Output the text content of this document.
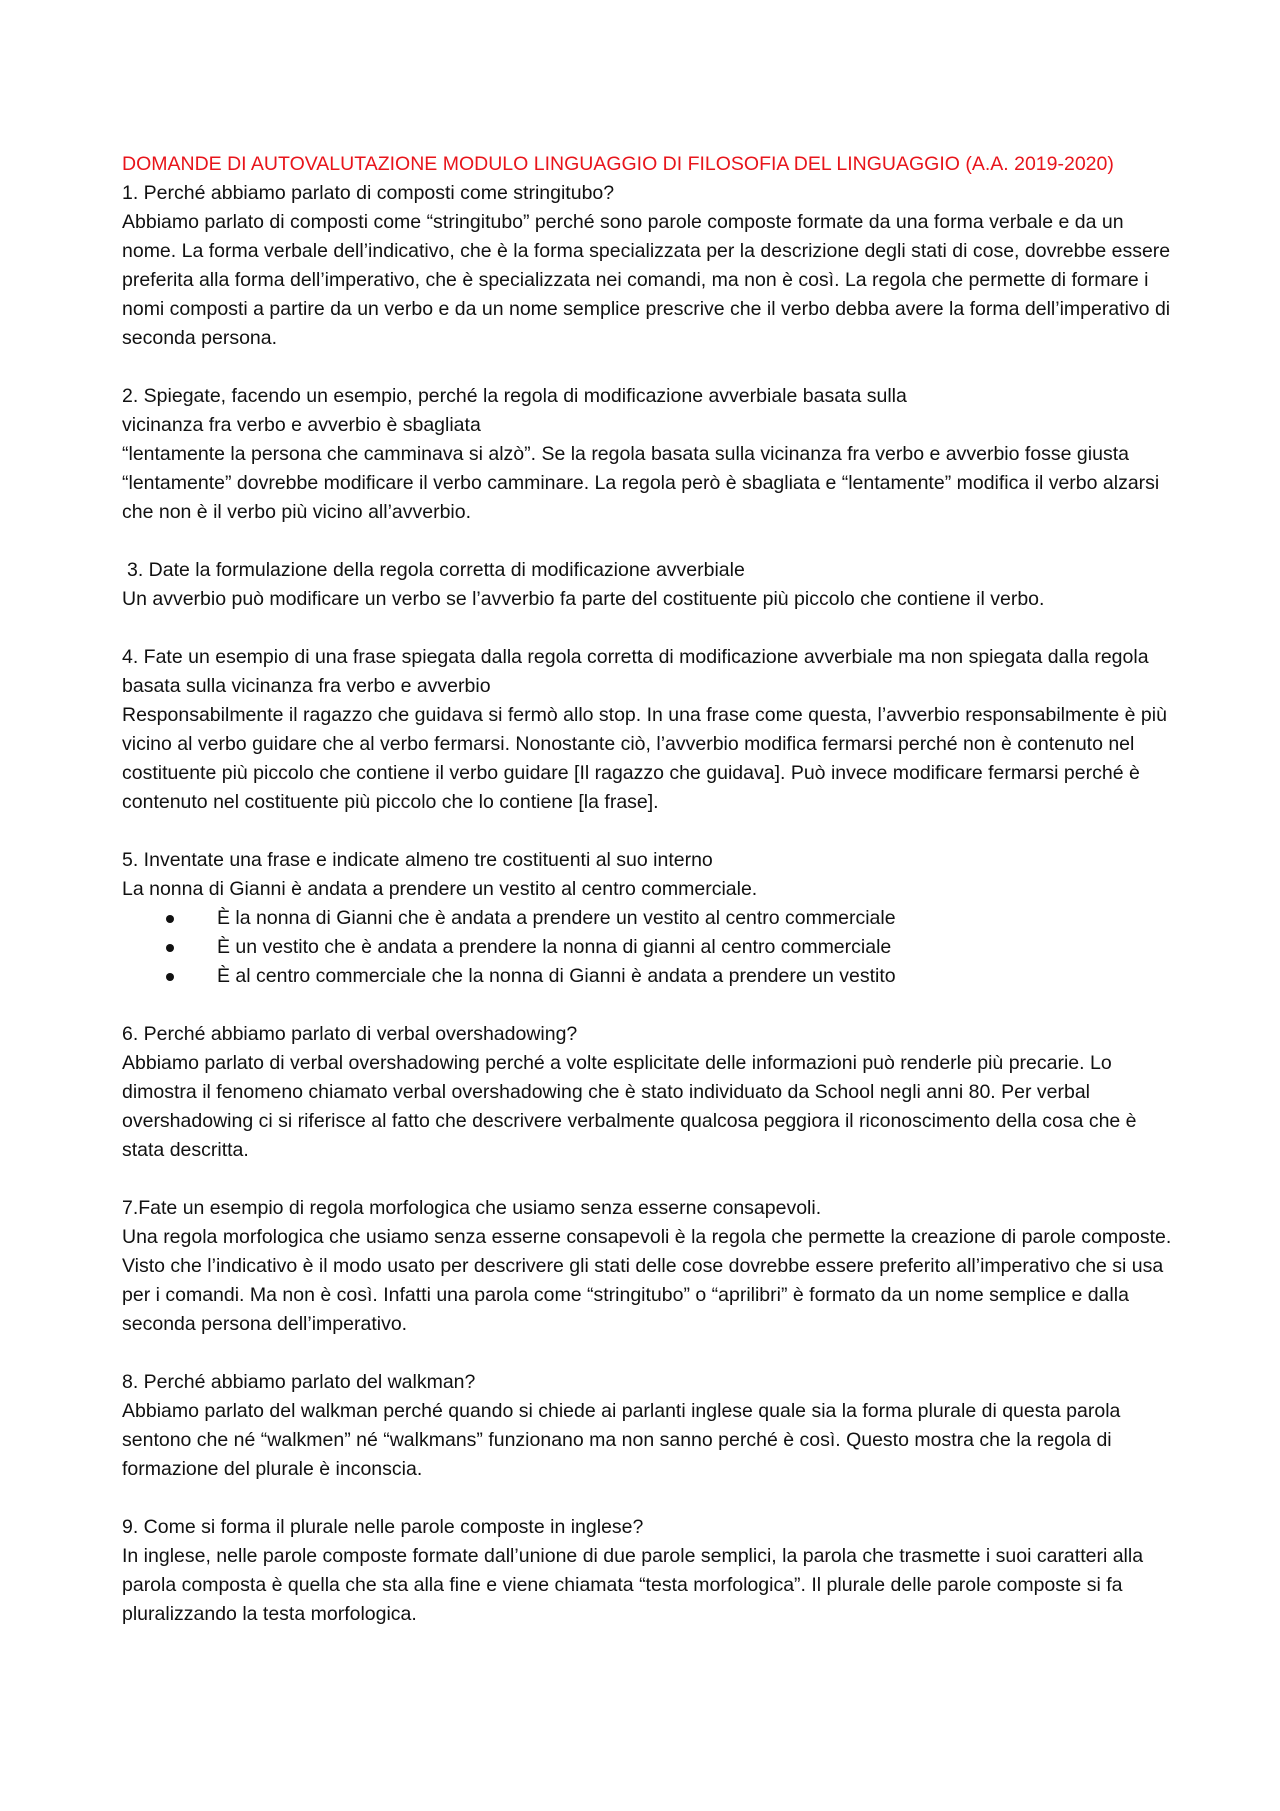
DOMANDE DI AUTOVALUTAZIONE MODULO LINGUAGGIO DI FILOSOFIA DEL LINGUAGGIO (A.A. 2019-2020)

1. Perché abbiamo parlato di composti come stringitubo?

Abbiamo parlato di composti come “stringitubo” perché sono parole composte formate da una forma verbale e da un nome. La forma verbale dell’indicativo, che è la forma specializzata per la descrizione degli stati di cose, dovrebbe essere preferita alla forma dell’imperativo, che è specializzata nei comandi, ma non è così. La regola che permette di formare i nomi composti a partire da un verbo e da un nome semplice prescrive che il verbo debba avere la forma dell’imperativo di seconda persona.

2. Spiegate, facendo un esempio, perché la regola di modificazione avverbiale basata sulla

vicinanza fra verbo e avverbio è sbagliata

“lentamente la persona che camminava si alzò”. Se la regola basata sulla vicinanza fra verbo e avverbio fosse giusta “lentamente” dovrebbe modificare il verbo camminare. La regola però è sbagliata e “lentamente” modifica il verbo alzarsi che non è il verbo più vicino all’avverbio.

3. Date la formulazione della regola corretta di modificazione avverbiale

Un avverbio può modificare un verbo se l’avverbio fa parte del costituente più piccolo che contiene il verbo.

4. Fate un esempio di una frase spiegata dalla regola corretta di modificazione avverbiale ma non spiegata dalla regola basata sulla vicinanza fra verbo e avverbio

Responsabilmente il ragazzo che guidava si fermò allo stop. In una frase come questa, l’avverbio responsabilmente è più vicino al verbo guidare che al verbo fermarsi. Nonostante ciò, l’avverbio modifica fermarsi perché non è contenuto nel costituente più piccolo che contiene il verbo guidare [Il ragazzo che guidava]. Può invece modificare fermarsi perché è contenuto nel costituente più piccolo che lo contiene [la frase].

5. Inventate una frase e indicate almeno tre costituenti al suo interno

La nonna di Gianni è andata a prendere un vestito al centro commerciale.

È la nonna di Gianni che è andata a prendere un vestito al centro commerciale
È un vestito che è andata a prendere la nonna di gianni al centro commerciale
È al centro commerciale che la nonna di Gianni è andata a prendere un vestito

6. Perché abbiamo parlato di verbal overshadowing?

Abbiamo parlato di verbal overshadowing perché a volte esplicitate delle informazioni può renderle più precarie. Lo dimostra il fenomeno chiamato verbal overshadowing che è stato individuato da School negli anni 80. Per verbal overshadowing ci si riferisce al fatto che descrivere verbalmente qualcosa peggiora il riconoscimento della cosa che è stata descritta.

7.Fate un esempio di regola morfologica che usiamo senza esserne consapevoli.

Una regola morfologica che usiamo senza esserne consapevoli è la regola che permette la creazione di parole composte. Visto che l’indicativo è il modo usato per descrivere gli stati delle cose dovrebbe essere preferito all’imperativo che si usa per i comandi. Ma non è così. Infatti una parola come “stringitubo” o “aprilibri” è formato da un nome semplice e dalla seconda persona dell’imperativo.

8. Perché abbiamo parlato del walkman?

Abbiamo parlato del walkman perché quando si chiede ai parlanti inglese quale sia la forma plurale di questa parola sentono che né “walkmen” né “walkmans” funzionano ma non sanno perché è così. Questo mostra che la regola di formazione del plurale è inconscia.

9. Come si forma il plurale nelle parole composte in inglese?

In inglese, nelle parole composte formate dall’unione di due parole semplici, la parola che trasmette i suoi caratteri alla parola composta è quella che sta alla fine e viene chiamata “testa morfologica”. Il plurale delle parole composte si fa pluralizzando la testa morfologica.
